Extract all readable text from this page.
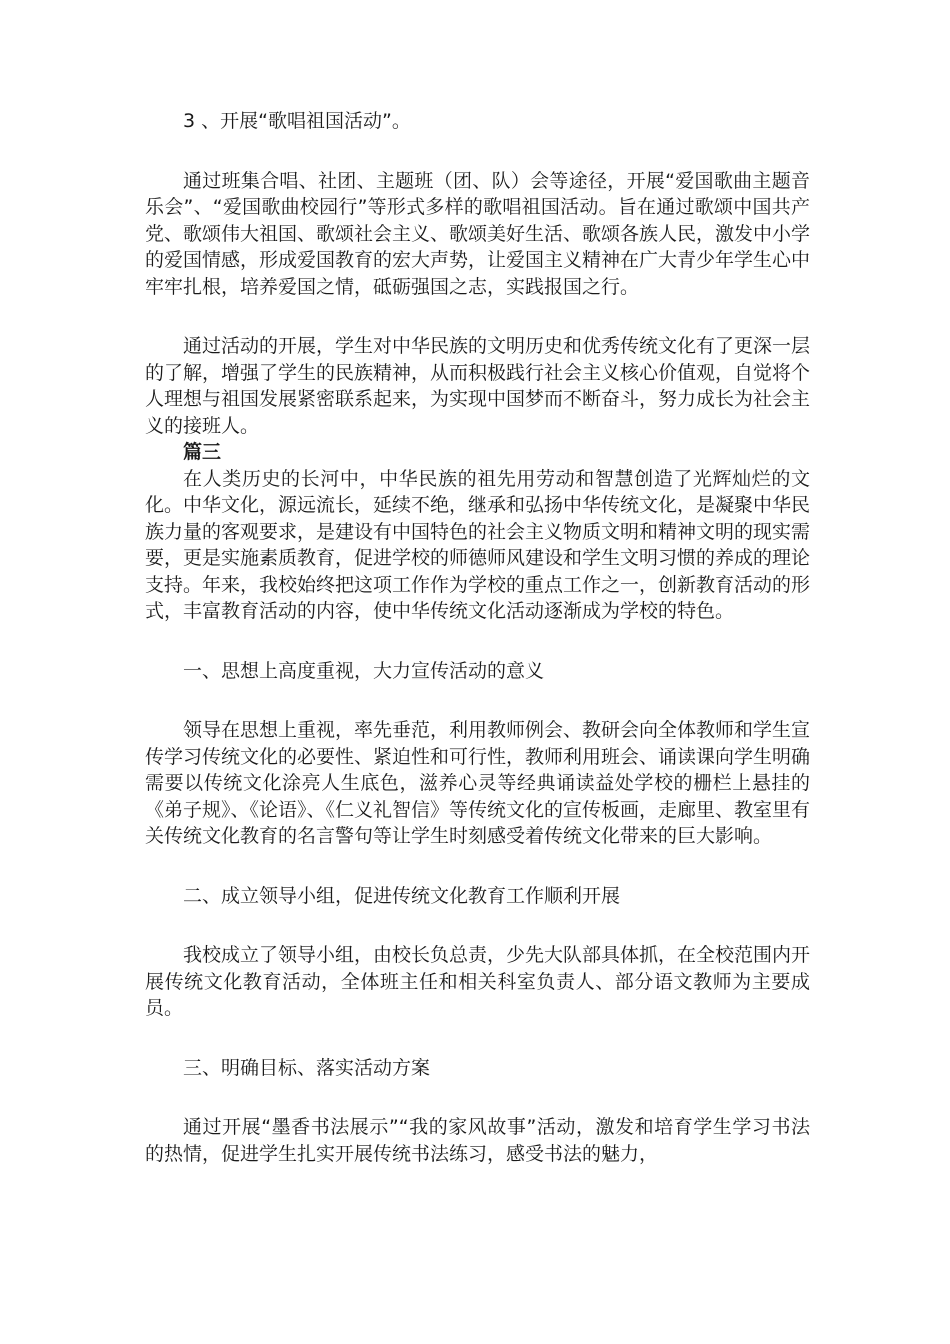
3 、开展“歌唱祖国活动”。

通过班集合唱、社团、主题班（团、队）会等途径，开展“爱国歌曲主题音乐会”、“爱国歌曲校园行”等形式多样的歌唱祖国活动。旨在通过歌颂中国共产党、歌颂伟大祖国、歌颂社会主义、歌颂美好生活、歌颂各族人民，激发中小学的爱国情感，形成爱国教育的宏大声势，让爱国主义精神在广大青少年学生心中牢牢扎根，培养爱国之情，砥砺强国之志，实践报国之行。

通过活动的开展，学生对中华民族的文明历史和优秀传统文化有了更深一层的了解，增强了学生的民族精神，从而积极践行社会主义核心价值观，自觉将个人理想与祖国发展紧密联系起来，为实现中国梦而不断奋斗，努力成长为社会主义的接班人。

篇三

在人类历史的长河中，中华民族的祖先用劳动和智慧创造了光辉灿烂的文化。中华文化，源远流长，延续不绝，继承和弘扬中华传统文化，是凝聚中华民族力量的客观要求，是建设有中国特色的社会主义物质文明和精神文明的现实需要，更是实施素质教育，促进学校的师德师风建设和学生文明习惯的养成的理论支持。年来，我校始终把这项工作作为学校的重点工作之一，创新教育活动的形式，丰富教育活动的内容，使中华传统文化活动逐渐成为学校的特色。

一、思想上高度重视，大力宣传活动的意义

领导在思想上重视，率先垂范，利用教师例会、教研会向全体教师和学生宣传学习传统文化的必要性、紧迫性和可行性，教师利用班会、诵读课向学生明确需要以传统文化涂亮人生底色，滋养心灵等经典诵读益处学校的栅栏上悬挂的《弟子规》、《论语》、《仁义礼智信》等传统文化的宣传板画，走廊里、教室里有关传统文化教育的名言警句等让学生时刻感受着传统文化带来的巨大影响。

二、成立领导小组，促进传统文化教育工作顺利开展

我校成立了领导小组，由校长负总责，少先大队部具体抓，在全校范围内开展传统文化教育活动，全体班主任和相关科室负责人、部分语文教师为主要成员。

三、明确目标、落实活动方案

通过开展“墨香书法展示”“我的家风故事”活动，激发和培育学生学习书法的热情，促进学生扎实开展传统书法练习，感受书法的魅力，
